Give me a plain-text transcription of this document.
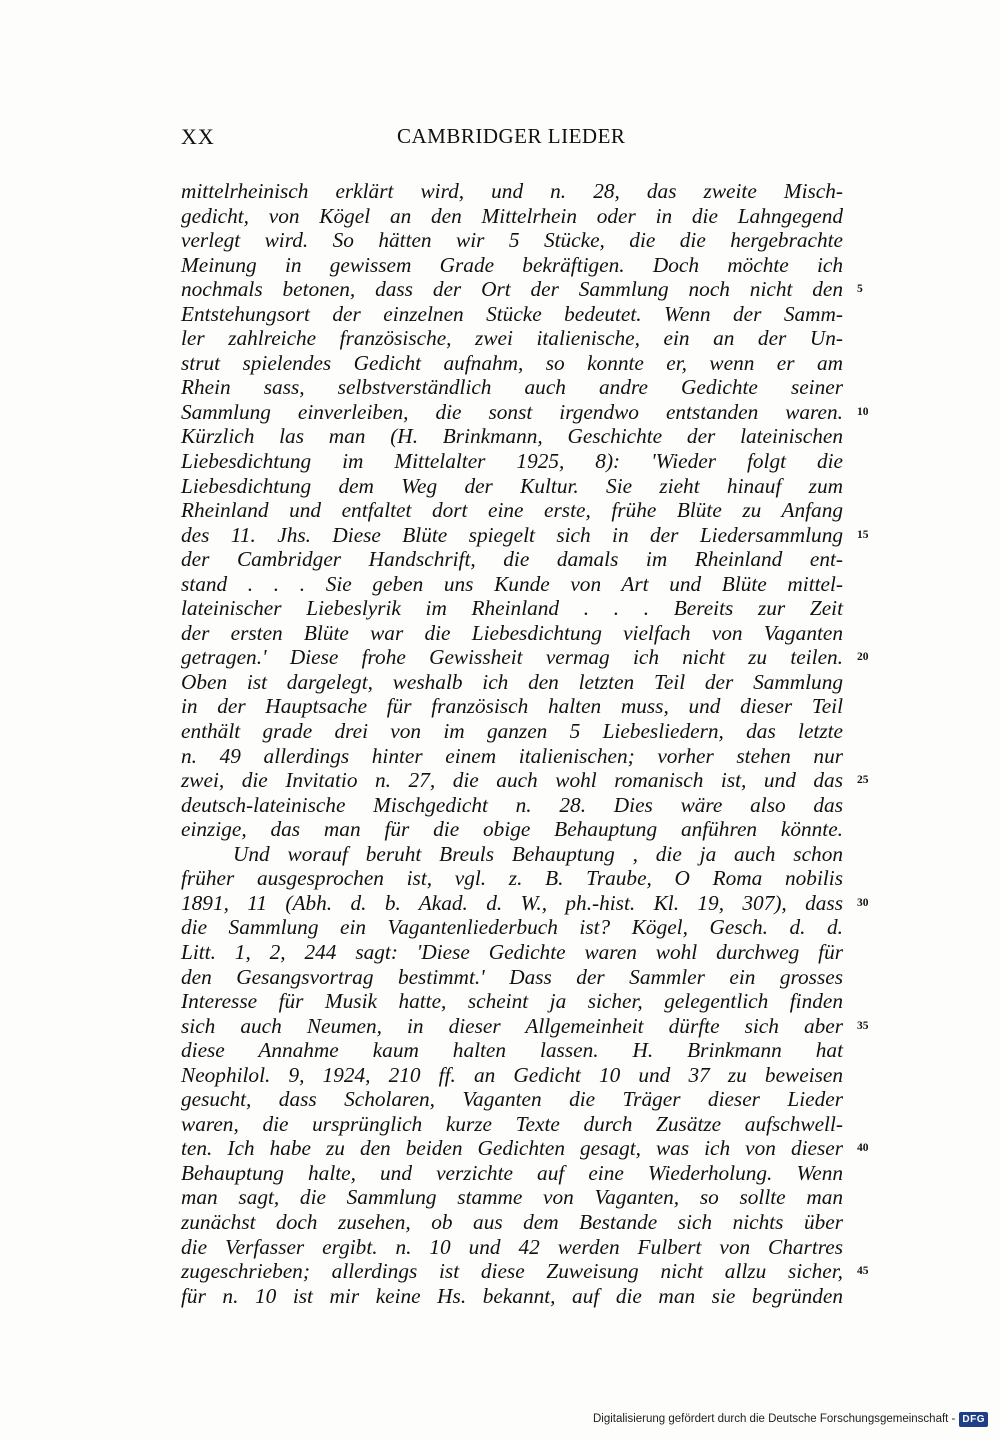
XX	CAMBRIDGER LIEDER
mittelrheinisch erklärt wird, und n. 28, das zweite Misch-
gedicht, von Kögel an den Mittelrhein oder in die Lahngegend
verlegt wird. So hätten wir 5 Stücke, die die hergebrachte
Meinung in gewissem Grade bekräftigen. Doch möchte ich
nochmals betonen, dass der Ort der Sammlung noch nicht den 5
Entstehungsort der einzelnen Stücke bedeutet. Wenn der Samm-
ler zahlreiche französische, zwei italienische, ein an der Un-
strut spielendes Gedicht aufnahm, so konnte er, wenn er am
Rhein sass, selbstverständlich auch andre Gedichte seiner
Sammlung einverleiben, die sonst irgendwo entstanden waren. 10
Kürzlich las man (H. Brinkmann, Geschichte der lateinischen
Liebesdichtung im Mittelalter 1925, 8): 'Wieder folgt die
Liebesdichtung dem Weg der Kultur. Sie zieht hinauf zum
Rheinland und entfaltet dort eine erste, frühe Blüte zu Anfang
des 11. Jhs. Diese Blüte spiegelt sich in der Liedersammlung 15
der Cambridger Handschrift, die damals im Rheinland ent-
stand . . . Sie geben uns Kunde von Art und Blüte mittel-
lateinischer Liebeslyrik im Rheinland . . . Bereits zur Zeit
der ersten Blüte war die Liebesdichtung vielfach von Vaganten
getragen.' Diese frohe Gewissheit vermag ich nicht zu teilen. 20
Oben ist dargelegt, weshalb ich den letzten Teil der Sammlung
in der Hauptsache für französisch halten muss, und dieser Teil
enthält grade drei von im ganzen 5 Liebesliedern, das letzte
n. 49 allerdings hinter einem italienischen; vorher stehen nur
zwei, die Invitatio n. 27, die auch wohl romanisch ist, und das 25
deutsch-lateinische Mischgedicht n. 28. Dies wäre also das
einzige, das man für die obige Behauptung anführen könnte.
Und worauf beruht Breuls Behauptung , die ja auch schon
früher ausgesprochen ist, vgl. z. B. Traube, O Roma nobilis
1891, 11 (Abh. d. b. Akad. d. W., ph.-hist. Kl. 19, 307), dass 30
die Sammlung ein Vagantenliederbuch ist? Kögel, Gesch. d. d.
Litt. 1, 2, 244 sagt: 'Diese Gedichte waren wohl durchweg für
den Gesangsvortrag bestimmt.' Dass der Sammler ein grosses
Interesse für Musik hatte, scheint ja sicher, gelegentlich finden
sich auch Neumen, in dieser Allgemeinheit dürfte sich aber 35
diese Annahme kaum halten lassen. H. Brinkmann hat
Neophilol. 9, 1924, 210 ff. an Gedicht 10 und 37 zu beweisen
gesucht, dass Scholaren, Vaganten die Träger dieser Lieder
waren, die ursprünglich kurze Texte durch Zusätze aufschwell-
ten. Ich habe zu den beiden Gedichten gesagt, was ich von dieser 40
Behauptung halte, und verzichte auf eine Wiederholung. Wenn
man sagt, die Sammlung stamme von Vaganten, so sollte man
zunächst doch zusehen, ob aus dem Bestande sich nichts über
die Verfasser ergibt. n. 10 und 42 werden Fulbert von Chartres
zugeschrieben; allerdings ist diese Zuweisung nicht allzu sicher, 45
für n. 10 ist mir keine Hs. bekannt, auf die man sie begründen
Digitalisierung gefördert durch die Deutsche Forschungsgemeinschaft - DFG
